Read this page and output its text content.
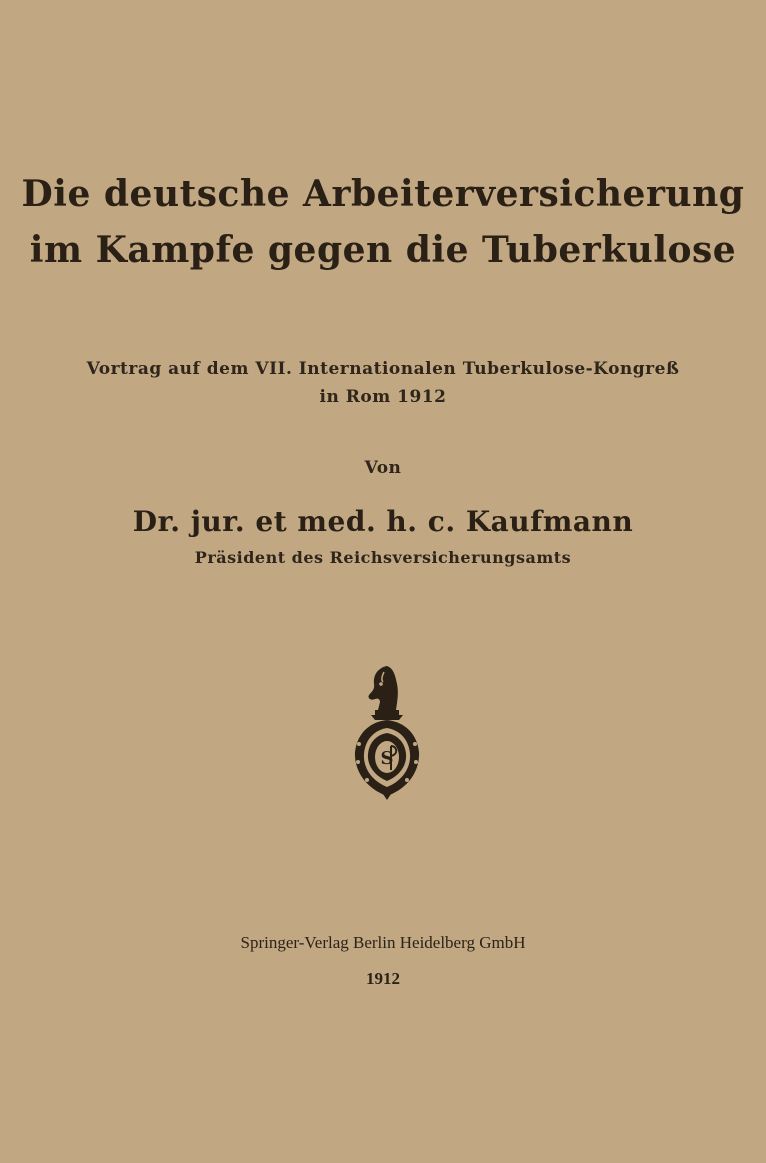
Die deutsche Arbeiterversicherung
im Kampfe gegen die Tuberkulose
Vortrag auf dem VII. Internationalen Tuberkulose-Kongreß
in Rom 1912
Von
Dr. jur. et med. h. c. Kaufmann
Präsident des Reichsversicherungsamts
S
Springer-Verlag Berlin Heidelberg GmbH
1912
